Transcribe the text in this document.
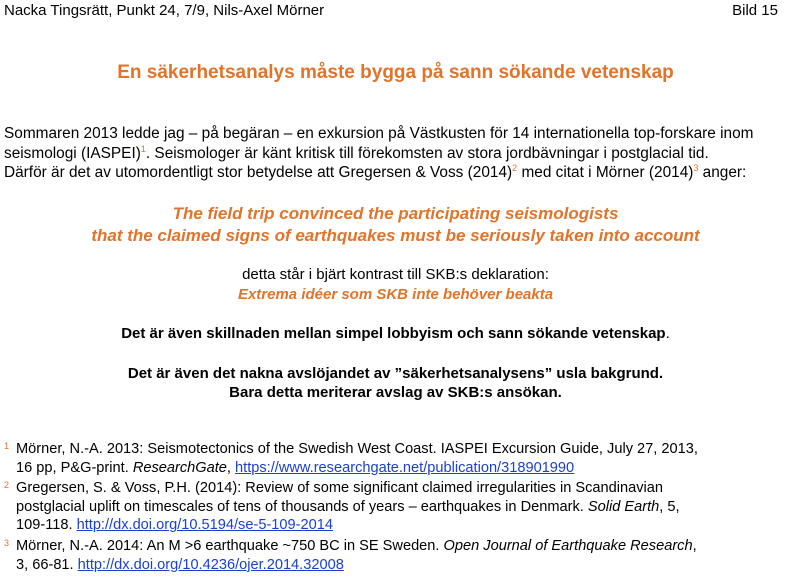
Nacka Tingsrätt, Punkt 24, 7/9, Nils-Axel Mörner	Bild 15
En säkerhetsanalys måste bygga på sann sökande vetenskap
Sommaren 2013 ledde jag – på begäran – en exkursion på Västkusten för 14 internationella top-forskare inom
seismologi (IASPEI)$^1$. Seismologer är känt kritisk till förekomsten av stora jordbävningar i postglacial tid.
Därför är det av utomordentligt stor betydelse att Gregersen & Voss (2014)$^2$ med citat i Mörner (2014)$^3$ anger:
The field trip convinced the participating seismologists
that the claimed signs of earthquakes must be seriously taken into account
detta står i bjärt kontrast till SKB:s deklaration:
Extrema idéer som SKB inte behöver beakta
Det är även skillnaden mellan simpel lobbyism och sann sökande vetenskap.
Det är även det nakna avslöjandet av ”säkerhetsanalysens” usla bakgrund.
Bara detta meriterar avslag av SKB:s ansökan.
1 Mörner, N.-A. 2013: Seismotectonics of the Swedish West Coast. IASPEI Excursion Guide, July 27, 2013,
16 pp, P&G-print. ResearchGate, https://www.researchgate.net/publication/318901990
2 Gregersen, S. & Voss, P.H. (2014): Review of some significant claimed irregularities in Scandinavian
postglacial uplift on timescales of tens of thousands of years – earthquakes in Denmark. Solid Earth, 5,
109-118. http://dx.doi.org/10.5194/se-5-109-2014
3 Mörner, N.-A. 2014: An M >6 earthquake ~750 BC in SE Sweden. Open Journal of Earthquake Research,
3, 66-81. http://dx.doi.org/10.4236/ojer.2014.32008
